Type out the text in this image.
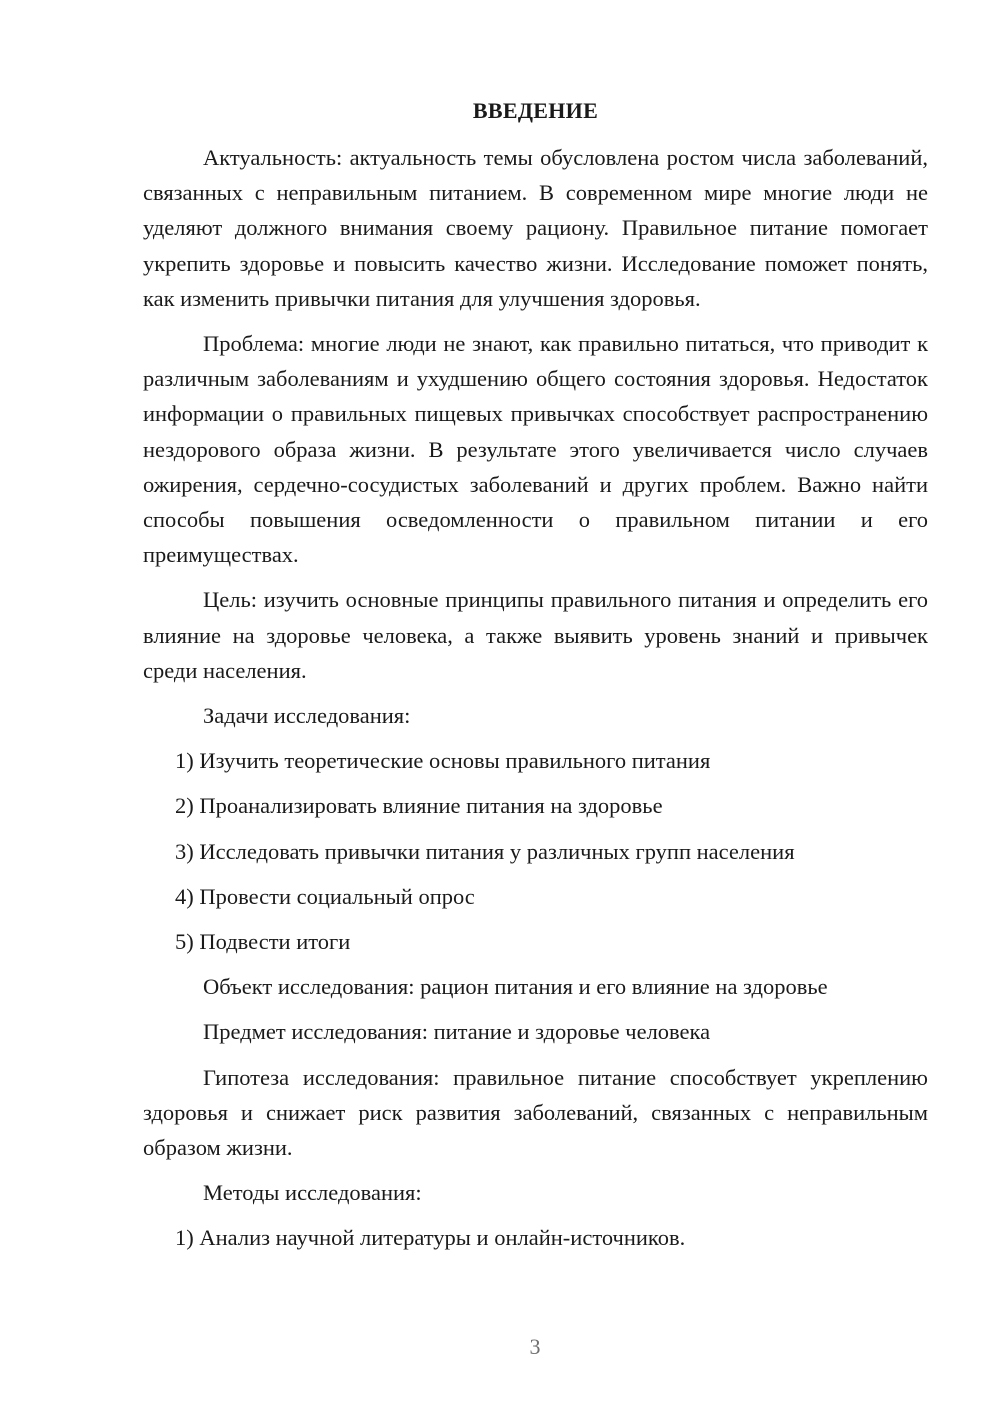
ВВЕДЕНИЕ

Актуальность: актуальность темы обусловлена ростом числа заболеваний, связанных с неправильным питанием. В современном мире многие люди не уделяют должного внимания своему рациону. Правильное питание помогает укрепить здоровье и повысить качество жизни. Исследование поможет понять, как изменить привычки питания для улучшения здоровья.

Проблема: многие люди не знают, как правильно питаться, что приводит к различным заболеваниям и ухудшению общего состояния здоровья. Недостаток информации о правильных пищевых привычках способствует распространению нездорового образа жизни. В результате этого увеличивается число случаев ожирения, сердечно-сосудистых заболеваний и других проблем. Важно найти способы повышения осведомленности о правильном питании и его преимуществах.

Цель: изучить основные принципы правильного питания и определить его влияние на здоровье человека, а также выявить уровень знаний и привычек среди населения.

Задачи исследования:
1) Изучить теоретические основы правильного питания
2) Проанализировать влияние питания на здоровье
3) Исследовать привычки питания у различных групп населения
4) Провести социальный опрос
5) Подвести итоги
Объект исследования: рацион питания и его влияние на здоровье
Предмет исследования: питание и здоровье человека

Гипотеза исследования: правильное питание способствует укреплению здоровья и снижает риск развития заболеваний, связанных с неправильным образом жизни.

Методы исследования:
1) Анализ научной литературы и онлайн-источников.
3
